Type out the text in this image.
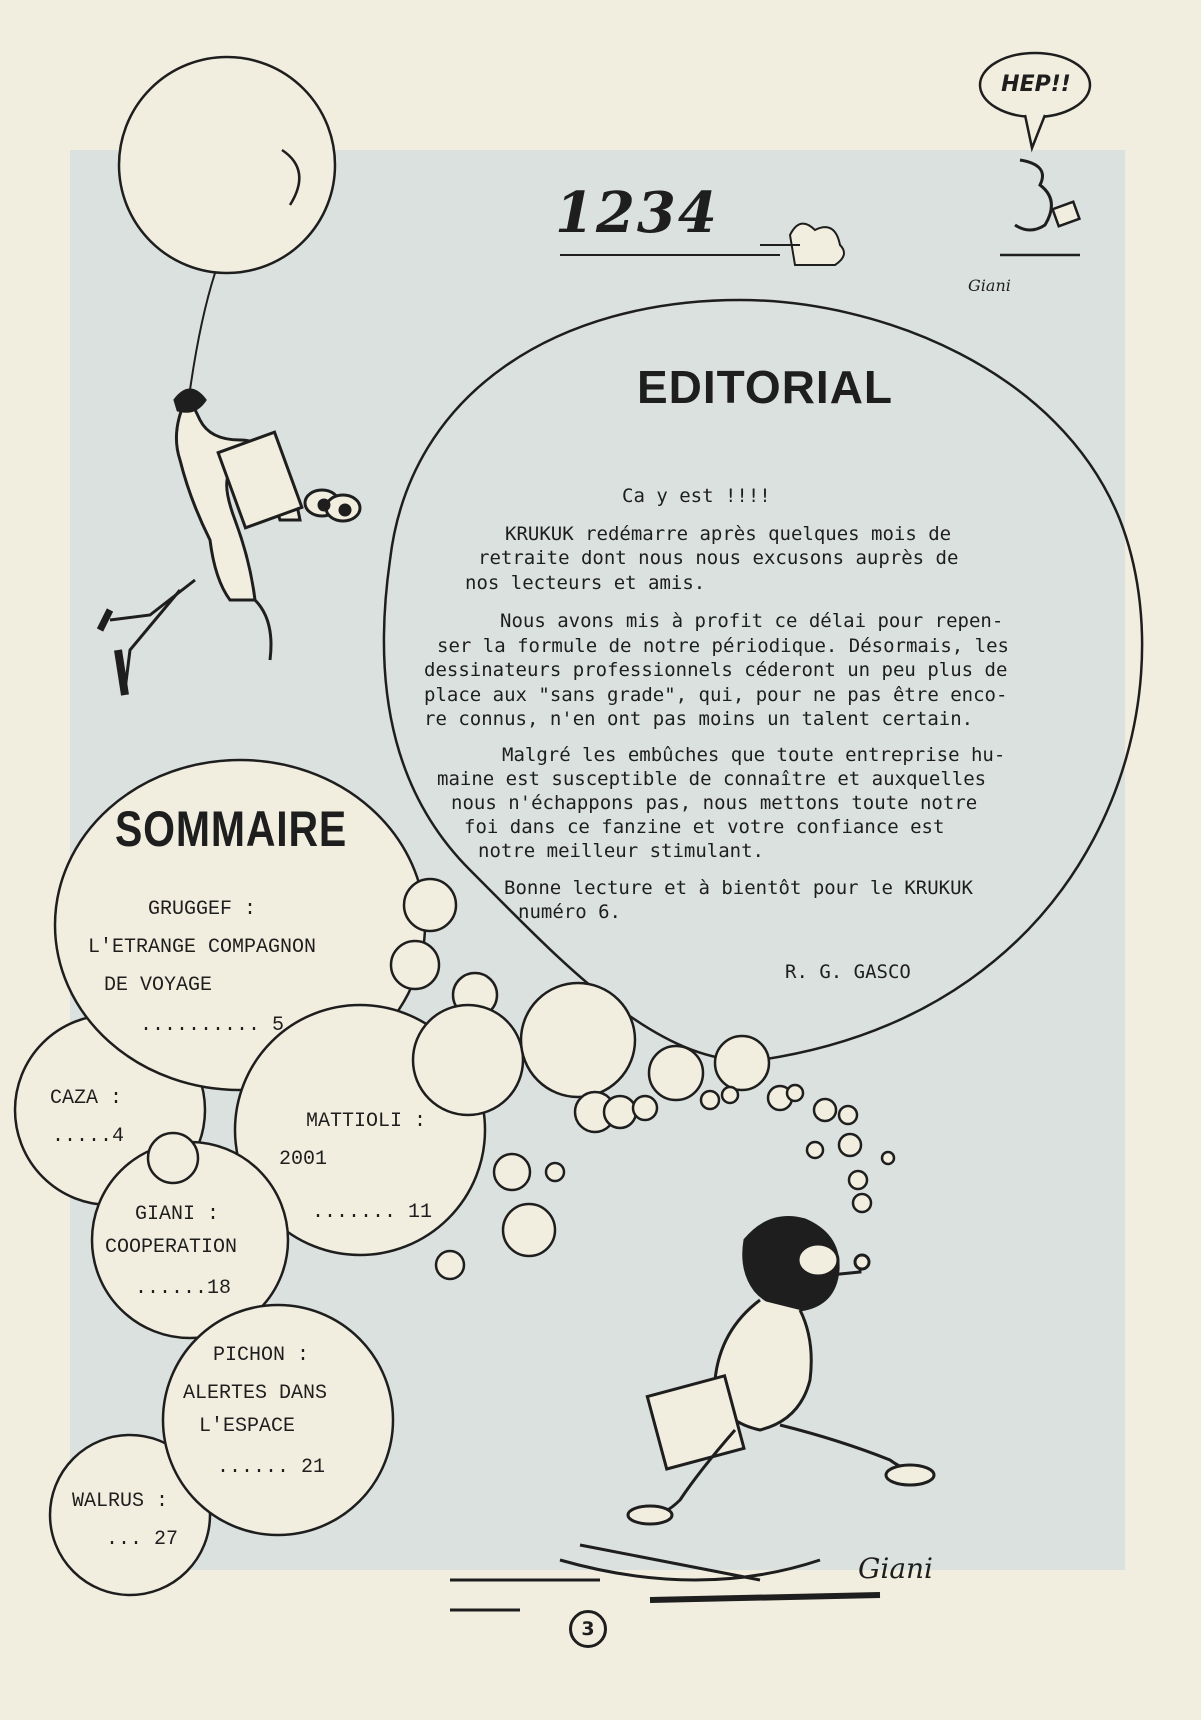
HEP!!
1234
Giani
EDITORIAL
Ca y est !!!!
KRUKUK redémarre après quelques mois de
retraite dont nous nous excusons auprès de
nos lecteurs et amis.
Nous avons mis à profit ce délai pour repen-
ser la formule de notre périodique. Désormais, les
dessinateurs professionnels céderont un peu plus de
place aux "sans grade", qui, pour ne pas être enco-
re connus, n'en ont pas moins un talent certain.
Malgré les embûches que toute entreprise hu-
maine est susceptible de connaître et auxquelles
nous n'échappons pas, nous mettons toute notre
foi dans ce fanzine et votre confiance est
notre meilleur stimulant.
Bonne lecture et à bientôt pour le KRUKUK
numéro 6.
R. G. GASCO
SOMMAIRE
GRUGGEF :
L'ETRANGE COMPAGNON
DE VOYAGE
.......... 5
CAZA :
.....4
MATTIOLI :
2001
....... 11
GIANI :
COOPERATION
......18
PICHON :
ALERTES DANS
L'ESPACE
...... 21
WALRUS :
... 27
Giani
3
